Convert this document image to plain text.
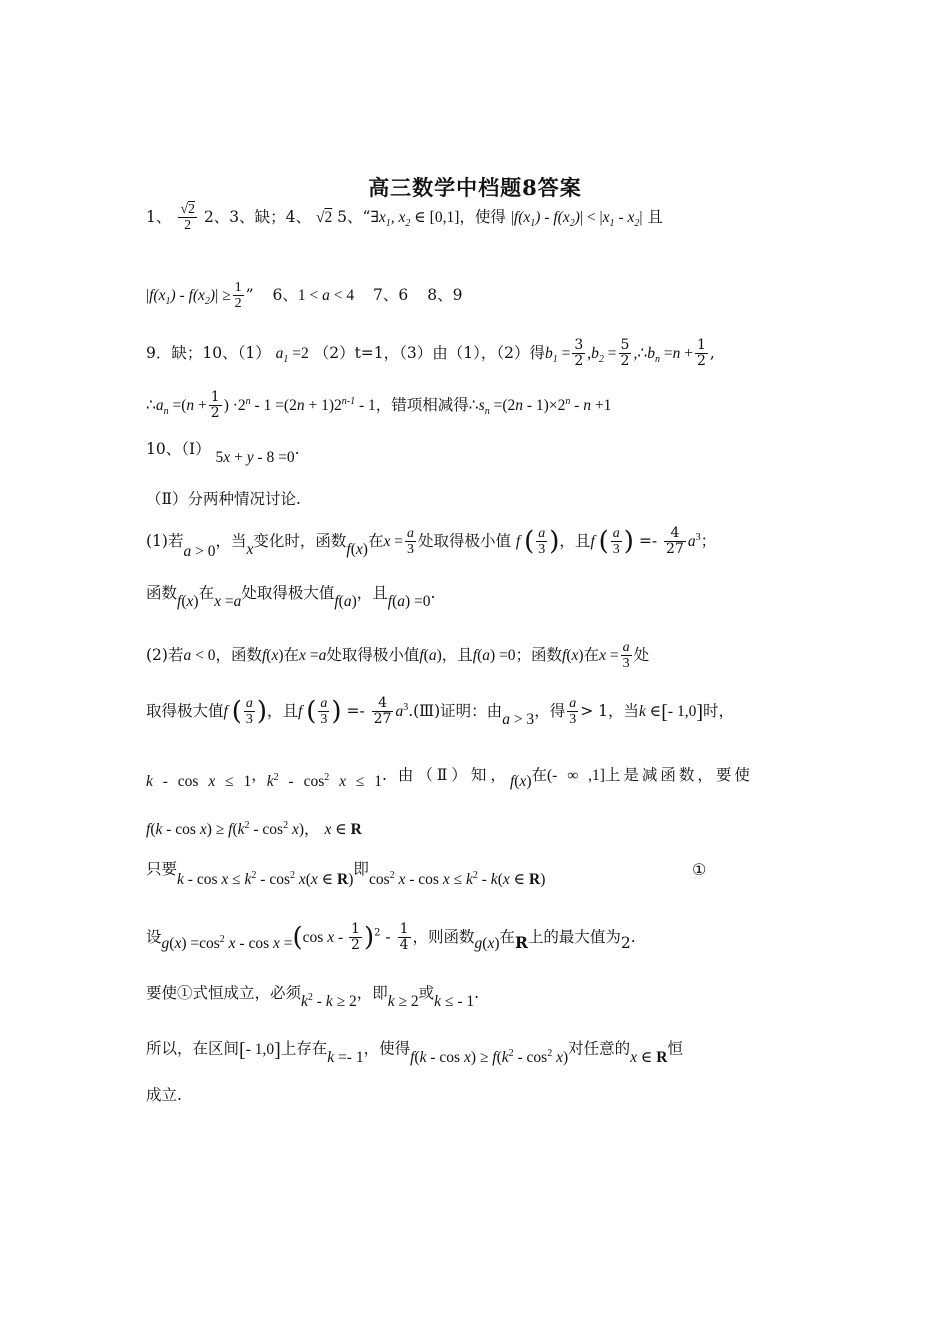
高三数学中档题8答案
1、 $\frac{√2}{2} 2$、3、缺；4、 √2 5、“$\exists x_1$, $x_2$ ∈ [0,1]，使得 $|f(x_1) - f(x_2)| < |x_1 - x_2|$ 且
$|f(x_1) - f(x_2)| \ge \frac{1}{2}$ ” 6、1 < a < 4 7、6 8、9
9．缺；10、（1） $a_1 =2$ （2）t=1，（3）由（1），（2）得$b_1 = \frac{3}{2} ,b_2 = \frac{5}{2}$ $,\therefore b_n =n + \frac{1}{2}$ ,
$\therefore a_n =(n + \frac{1}{2}$ ) $\cdot 2^n - 1 =(2n + 1)2^{n-1} - 1$，错项相减得$\therefore s_n =(2n - 1)\times 2^n - n +1$
10、（Ⅰ） 5x + y - 8 =0.
（Ⅱ）分两种情况讨论.
(1)若a > 0，当x变化时，函数f(x)在$x = \frac{a}{3}$ 处取得极小值 f ( $\frac{a}{3}$ )，且f ( $\frac{a}{3}$ ) =- $\frac{4}{27} a^3$；
函数f(x)在x =a处取得极大值f(a)，且f(a) =0.
(2)若a < 0，函数f(x)在x =a处取得极小值f(a)，且f(a) =0；函数f(x)在$x = \frac{a}{3}$ 处
取得极大值f ( $\frac{a}{3}$ )，且f ( $\frac{a}{3}$ ) =- $\frac{4}{27}$ $a^3.(Ⅲ)$证明：由a > 3，得 $\frac{a}{3} > 1$，当k ∈[- 1,0]时，
k - cos x ≤ 1，$k^2 - \cos^2 x \le 1$. 由（Ⅱ）知，f(x)在(- ∞ ,1]上是减函数，要使
$f(k - \cos x) \ge f(k^2 - \cos^2 x)$， x ∈ R
只要$k - \cos x \le k^2 - \cos^2 x(x$ ∈ R)即$\cos^2 x - \cos x \le k^2 - k(x$ ∈ R)
①
设$g(x) =\cos^2$ x - cos x =(cos x - $\frac{1}{2} )^2 - \frac{1}{4}$ ，则函数g(x)在R上的最大值为2.
要使①式恒成立，必须$k^2 - k \ge 2$，即k ≥ 2或k ≤ - 1.
所以，在区间[- 1,0]上存在k =- 1，使得$f(k - \cos x) \ge f(k^2 - \cos^2 x)$对任意的x ∈ R恒
成立.
